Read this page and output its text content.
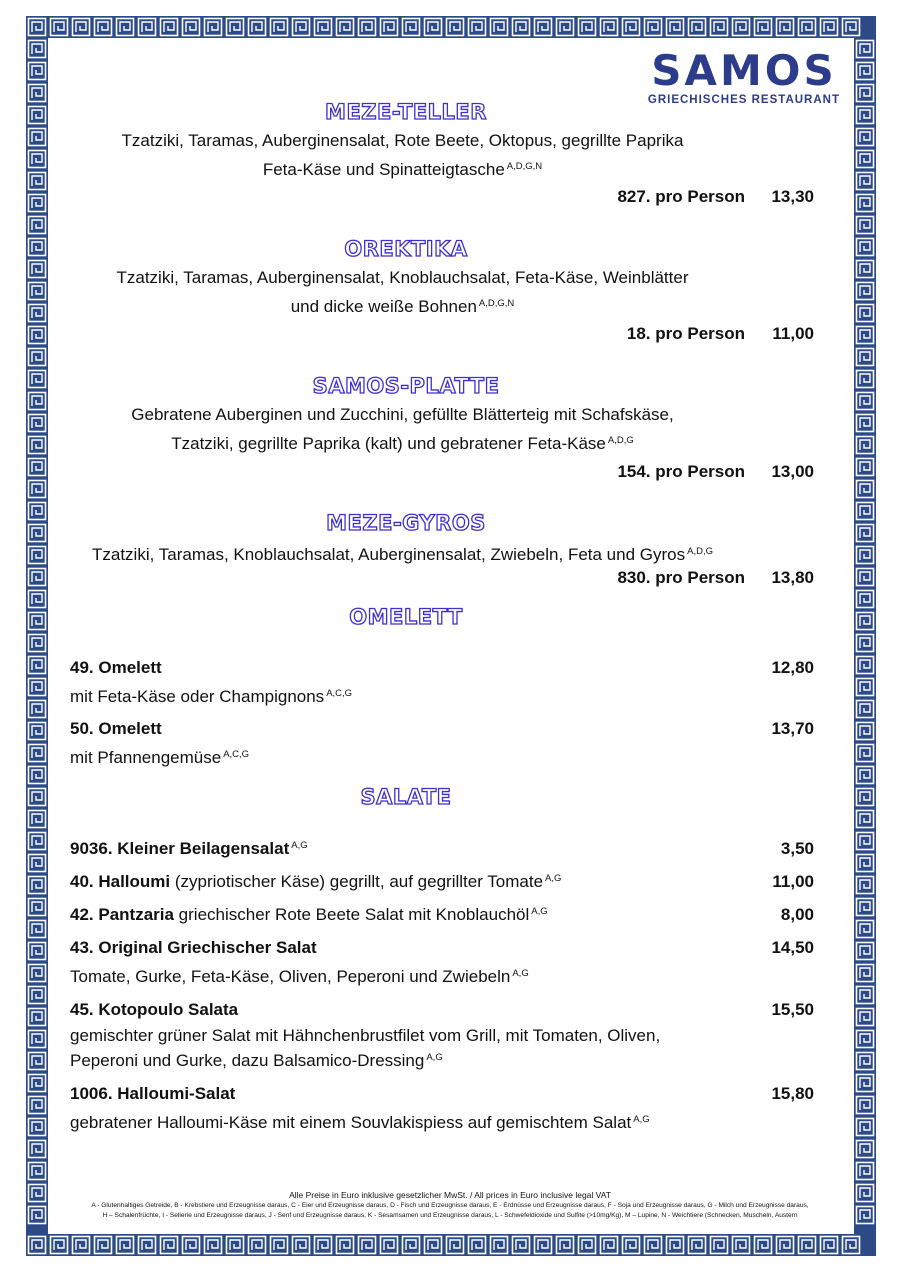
SAMOS
GRIECHISCHES RESTAURANT
MEZE-TELLER
Tzatziki, Taramas, Auberginensalat, Rote Beete, Oktopus, gegrillte Paprika
Feta-Käse und Spinatteigtasche $^{A,D,G,N}$
827. pro Person 13,30
OREKTIKA
Tzatziki, Taramas, Auberginensalat, Knoblauchsalat, Feta-Käse, Weinblätter
und dicke weiße Bohnen $^{A,D,G,N}$
18. pro Person 11,00
SAMOS-PLATTE
Gebratene Auberginen und Zucchini, gefüllte Blätterteig mit Schafskäse,
Tzatziki, gegrillte Paprika (kalt) und gebratener Feta-Käse $^{A,D,G}$
154. pro Person 13,00
MEZE-GYROS
Tzatziki, Taramas, Knoblauchsalat, Auberginensalat, Zwiebeln, Feta und Gyros $^{A,D,G}$
830. pro Person 13,80
OMELETT
49. Omelett	12,80
mit Feta-Käse oder Champignons $^{A,C,G}$
50. Omelett	13,70
mit Pfannengemüse $^{A,C,G}$
SALATE
9036. Kleiner Beilagensalat $^{A,G}$	3,50
40. Halloumi (zypriotischer Käse) gegrillt, auf gegrillter Tomate $^{A,G}$	11,00
42. Pantzaria griechischer Rote Beete Salat mit Knoblauchöl $^{A,G}$	8,00
43. Original Griechischer Salat	14,50
Tomate, Gurke, Feta-Käse, Oliven, Peperoni und Zwiebeln $^{A,G}$
45. Kotopoulo Salata	15,50
gemischter grüner Salat mit Hähnchenbrustfilet vom Grill, mit Tomaten, Oliven,
Peperoni und Gurke, dazu Balsamico-Dressing $^{A,G}$
1006. Halloumi-Salat	15,80
gebratener Halloumi-Käse mit einem Souvlakispiess auf gemischtem Salat $^{A,G}$
Alle Preise in Euro inklusive gesetzlicher MwSt. / All prices in Euro inclusive legal VAT
A - Glutenhaltiges Getreide, B - Krebstiere und Erzeugnisse daraus, C - Eier und Erzeugnisse daraus, D - Fisch und Erzeugnisse daraus, E - Erdnüsse und Erzeugnisse daraus, F - Soja und Erzeugnisse daraus, G - Milch und Erzeugnisse daraus,
H – Schalenfrüchte, I - Sellerie und Erzeugnisse daraus, J - Senf und Erzeugnisse daraus, K - Sesamsamen und Erzeugnisse daraus, L - Schwefeldioxide und Sulfite (>10mg/Kg), M – Lupine, N - Weichtiere (Schnecken, Muscheln, Austern
